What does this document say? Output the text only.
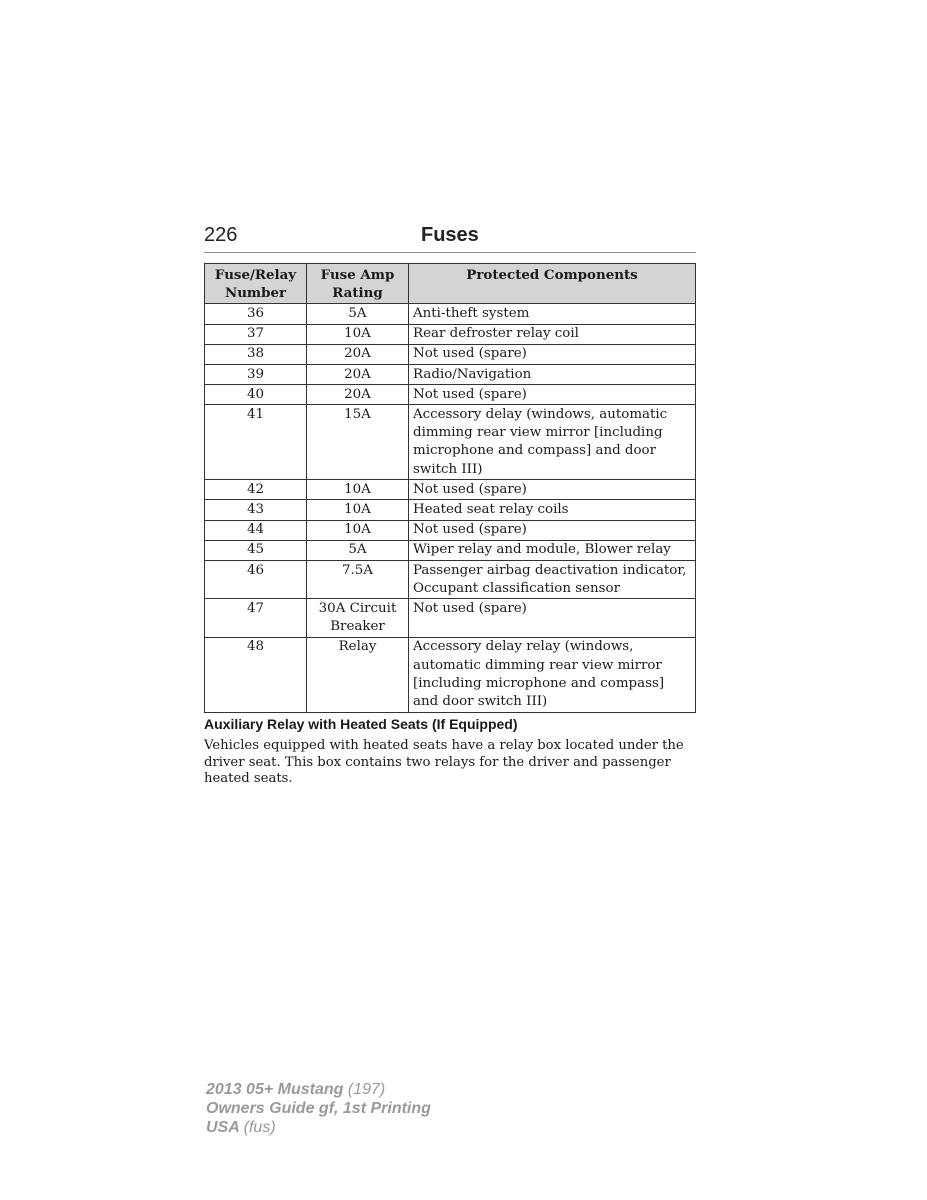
226	Fuses
Fuse/Relay Number	Fuse Amp Rating	Protected Components
36	5A	Anti-theft system
37	10A	Rear defroster relay coil
38	20A	Not used (spare)
39	20A	Radio/Navigation
40	20A	Not used (spare)
41	15A	Accessory delay (windows, automatic dimming rear view mirror [including microphone and compass] and door switch III)
42	10A	Not used (spare)
43	10A	Heated seat relay coils
44	10A	Not used (spare)
45	5A	Wiper relay and module, Blower relay
46	7.5A	Passenger airbag deactivation indicator, Occupant classification sensor
47	30A Circuit Breaker	Not used (spare)
48	Relay	Accessory delay relay (windows, automatic dimming rear view mirror [including microphone and compass] and door switch III)
Auxiliary Relay with Heated Seats (If Equipped)
Vehicles equipped with heated seats have a relay box located under the driver seat. This box contains two relays for the driver and passenger heated seats.
2013 05+ Mustang (197)
Owners Guide gf, 1st Printing
USA (fus)
